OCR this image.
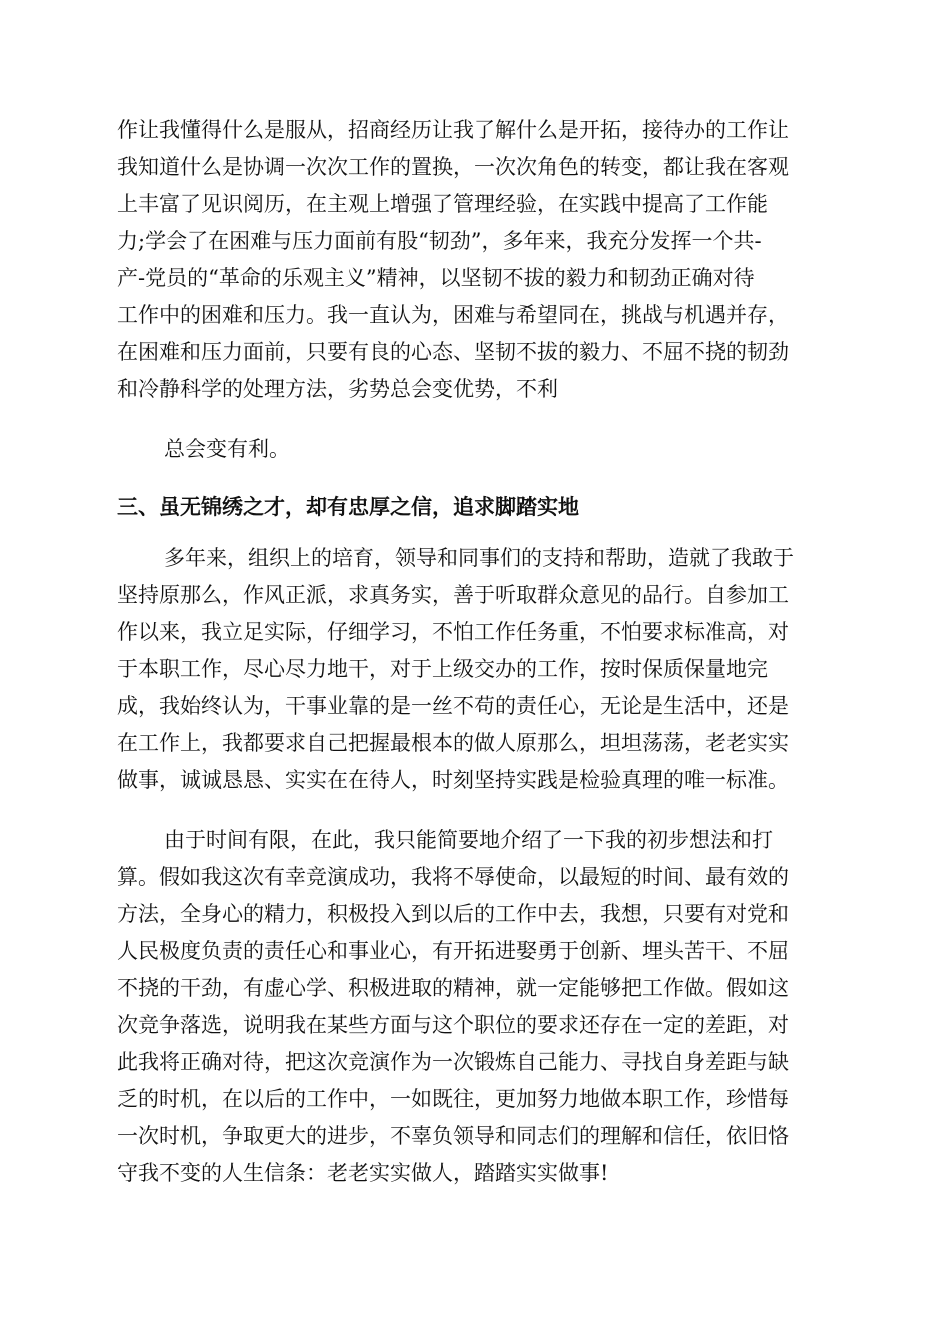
作让我懂得什么是服从，招商经历让我了解什么是开拓，接待办的工作让
我知道什么是协调一次次工作的置换，一次次角色的转变，都让我在客观
上丰富了见识阅历，在主观上增强了管理经验，在实践中提高了工作能
力;学会了在困难与压力面前有股“韧劲”，多年来，我充分发挥一个共-
产-党员的“革命的乐观主义”精神，以坚韧不拔的毅力和韧劲正确对待
工作中的困难和压力。我一直认为，困难与希望同在，挑战与机遇并存，
在困难和压力面前，只要有良的心态、坚韧不拔的毅力、不屈不挠的韧劲
和冷静科学的处理方法，劣势总会变优势，不利
总会变有利。
三、虽无锦绣之才，却有忠厚之信，追求脚踏实地
多年来，组织上的培育，领导和同事们的支持和帮助，造就了我敢于
坚持原那么，作风正派，求真务实，善于听取群众意见的品行。自参加工
作以来，我立足实际，仔细学习，不怕工作任务重，不怕要求标准高，对
于本职工作，尽心尽力地干，对于上级交办的工作，按时保质保量地完
成，我始终认为，干事业靠的是一丝不苟的责任心，无论是生活中，还是
在工作上，我都要求自己把握最根本的做人原那么，坦坦荡荡，老老实实
做事，诚诚恳恳、实实在在待人，时刻坚持实践是检验真理的唯一标准。
由于时间有限，在此，我只能简要地介绍了一下我的初步想法和打
算。假如我这次有幸竞演成功，我将不辱使命，以最短的时间、最有效的
方法，全身心的精力，积极投入到以后的工作中去，我想，只要有对党和
人民极度负责的责任心和事业心，有开拓进娶勇于创新、埋头苦干、不屈
不挠的干劲，有虚心学、积极进取的精神，就一定能够把工作做。假如这
次竞争落选，说明我在某些方面与这个职位的要求还存在一定的差距，对
此我将正确对待，把这次竞演作为一次锻炼自己能力、寻找自身差距与缺
乏的时机，在以后的工作中，一如既往，更加努力地做本职工作，珍惜每
一次时机，争取更大的进步，不辜负领导和同志们的理解和信任，依旧恪
守我不变的人生信条：老老实实做人，踏踏实实做事!
